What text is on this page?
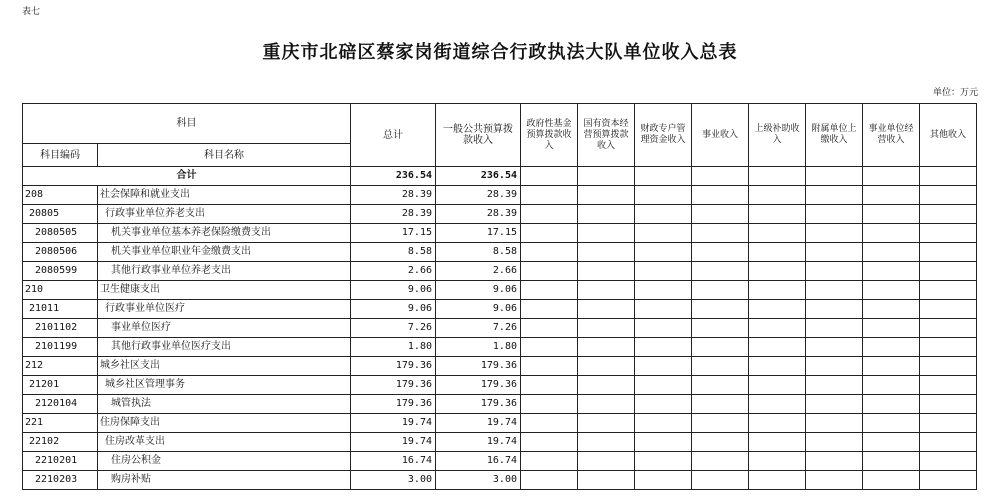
表七
重庆市北碚区蔡家岗街道综合行政执法大队单位收入总表
单位：万元
科目		总计	一般公共预算拨款收入	政府性基金预算拨款收入	国有资本经营预算拨款收入	财政专户管理资金收入	事业收入	上级补助收入	附属单位上缴收入	事业单位经营收入	其他收入
科目编码	科目名称										
合计		236.54	236.54								
208	社会保障和就业支出	28.39	28.39								
20805	行政事业单位养老支出	28.39	28.39								
2080505	机关事业单位基本养老保险缴费支出	17.15	17.15								
2080506	机关事业单位职业年金缴费支出	8.58	8.58								
2080599	其他行政事业单位养老支出	2.66	2.66								
210	卫生健康支出	9.06	9.06								
21011	行政事业单位医疗	9.06	9.06								
2101102	事业单位医疗	7.26	7.26								
2101199	其他行政事业单位医疗支出	1.80	1.80								
212	城乡社区支出	179.36	179.36								
21201	城乡社区管理事务	179.36	179.36								
2120104	城管执法	179.36	179.36								
221	住房保障支出	19.74	19.74								
22102	住房改革支出	19.74	19.74								
2210201	住房公积金	16.74	16.74								
2210203	购房补贴	3.00	3.00								
